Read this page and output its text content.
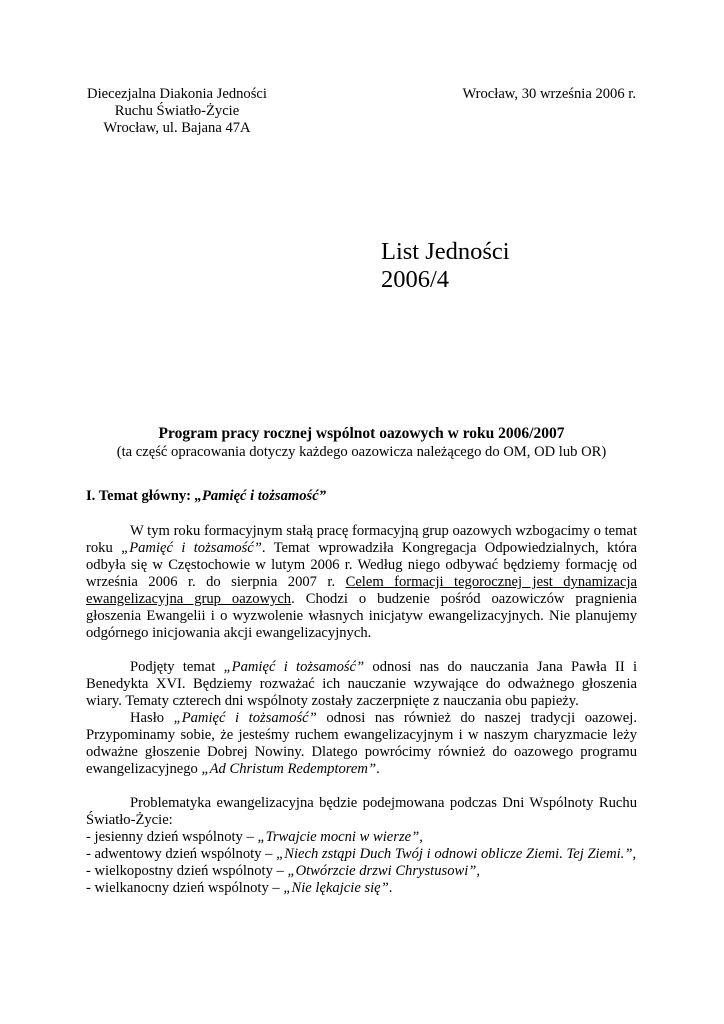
Diecezjalna Diakonia Jedności
Ruchu Światło-Życie
Wrocław, ul. Bajana 47A
Wrocław, 30 września 2006 r.
List Jedności
2006/4
Program pracy rocznej wspólnot oazowych w roku 2006/2007
(ta część opracowania dotyczy każdego oazowicza należącego do OM, OD lub OR)
I. Temat główny: „Pamięć i tożsamość”

W tym roku formacyjnym stałą pracę formacyjną grup oazowych wzbogacimy o temat roku „Pamięć i tożsamość”. Temat wprowadziła Kongregacja Odpowiedzialnych, która odbyła się w Częstochowie w lutym 2006 r. Według niego odbywać będziemy formację od września 2006 r. do sierpnia 2007 r. Celem formacji tegorocznej jest dynamizacja ewangelizacyjna grup oazowych. Chodzi o budzenie pośród oazowiczów pragnienia głoszenia Ewangelii i o wyzwolenie własnych inicjatyw ewangelizacyjnych. Nie planujemy odgórnego inicjowania akcji ewangelizacyjnych.

Podjęty temat „Pamięć i tożsamość” odnosi nas do nauczania Jana Pawła II i Benedykta XVI. Będziemy rozważać ich nauczanie wzywające do odważnego głoszenia wiary. Tematy czterech dni wspólnoty zostały zaczerpnięte z nauczania obu papieży.

Hasło „Pamięć i tożsamość” odnosi nas również do naszej tradycji oazowej. Przypominamy sobie, że jesteśmy ruchem ewangelizacyjnym i w naszym charyzmacie leży odważne głoszenie Dobrej Nowiny. Dlatego powrócimy również do oazowego programu ewangelizacyjnego „Ad Christum Redemptorem”.

Problematyka ewangelizacyjna będzie podejmowana podczas Dni Wspólnoty Ruchu Światło-Życie:

- jesienny dzień wspólnoty – „Trwajcie mocni w wierze”,

- adwentowy dzień wspólnoty – „Niech zstąpi Duch Twój i odnowi oblicze Ziemi. Tej Ziemi.”,

- wielkopostny dzień wspólnoty – „Otwórzcie drzwi Chrystusowi”,

- wielkanocny dzień wspólnoty – „Nie lękajcie się”.
